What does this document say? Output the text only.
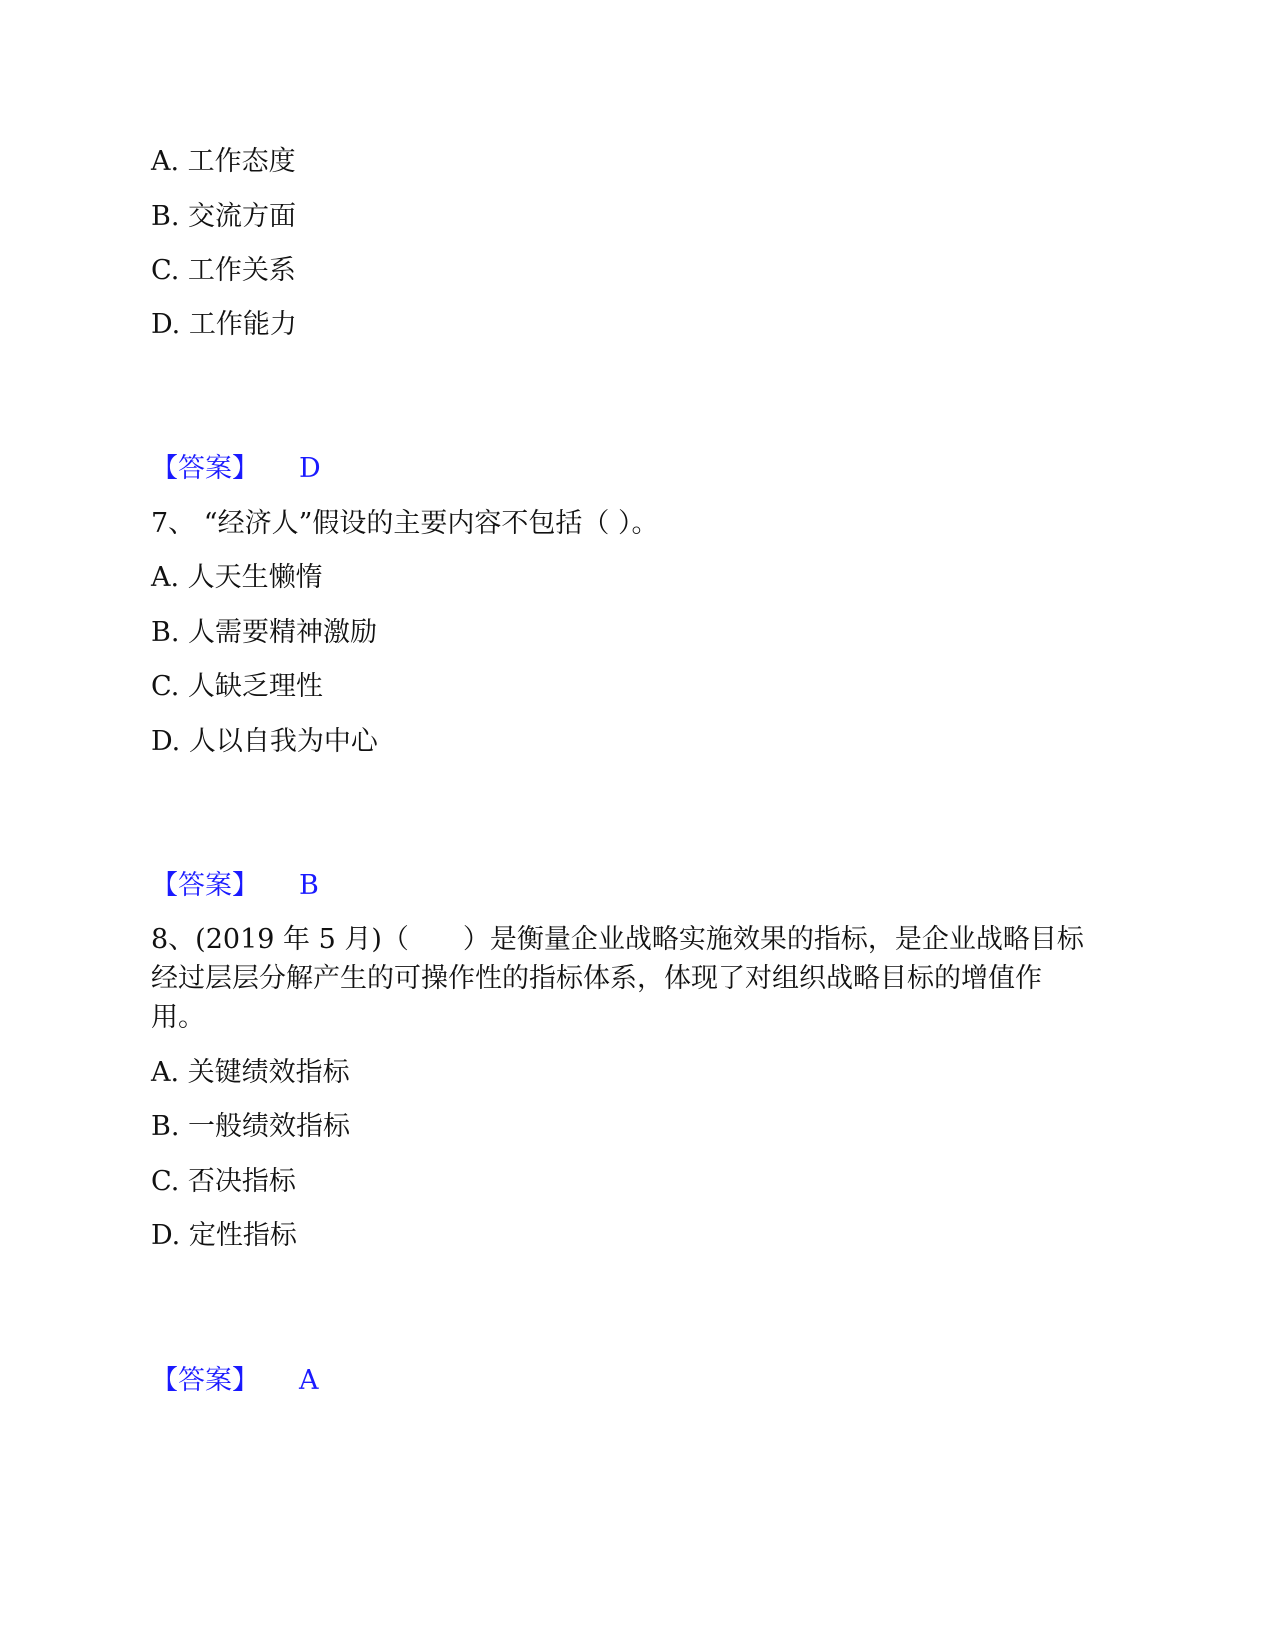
A. 工作态度
B. 交流方面
C. 工作关系
D. 工作能力
【答案】 D
7、 “经济人”假设的主要内容不包括（ ）。
A. 人天生懒惰
B. 人需要精神激励
C. 人缺乏理性
D. 人以自我为中心
【答案】 B
8、(2019 年 5 月)（　　）是衡量企业战略实施效果的指标，是企业战略目标
经过层层分解产生的可操作性的指标体系，体现了对组织战略目标的增值作
用。
A. 关键绩效指标
B. 一般绩效指标
C. 否决指标
D. 定性指标
【答案】 A
